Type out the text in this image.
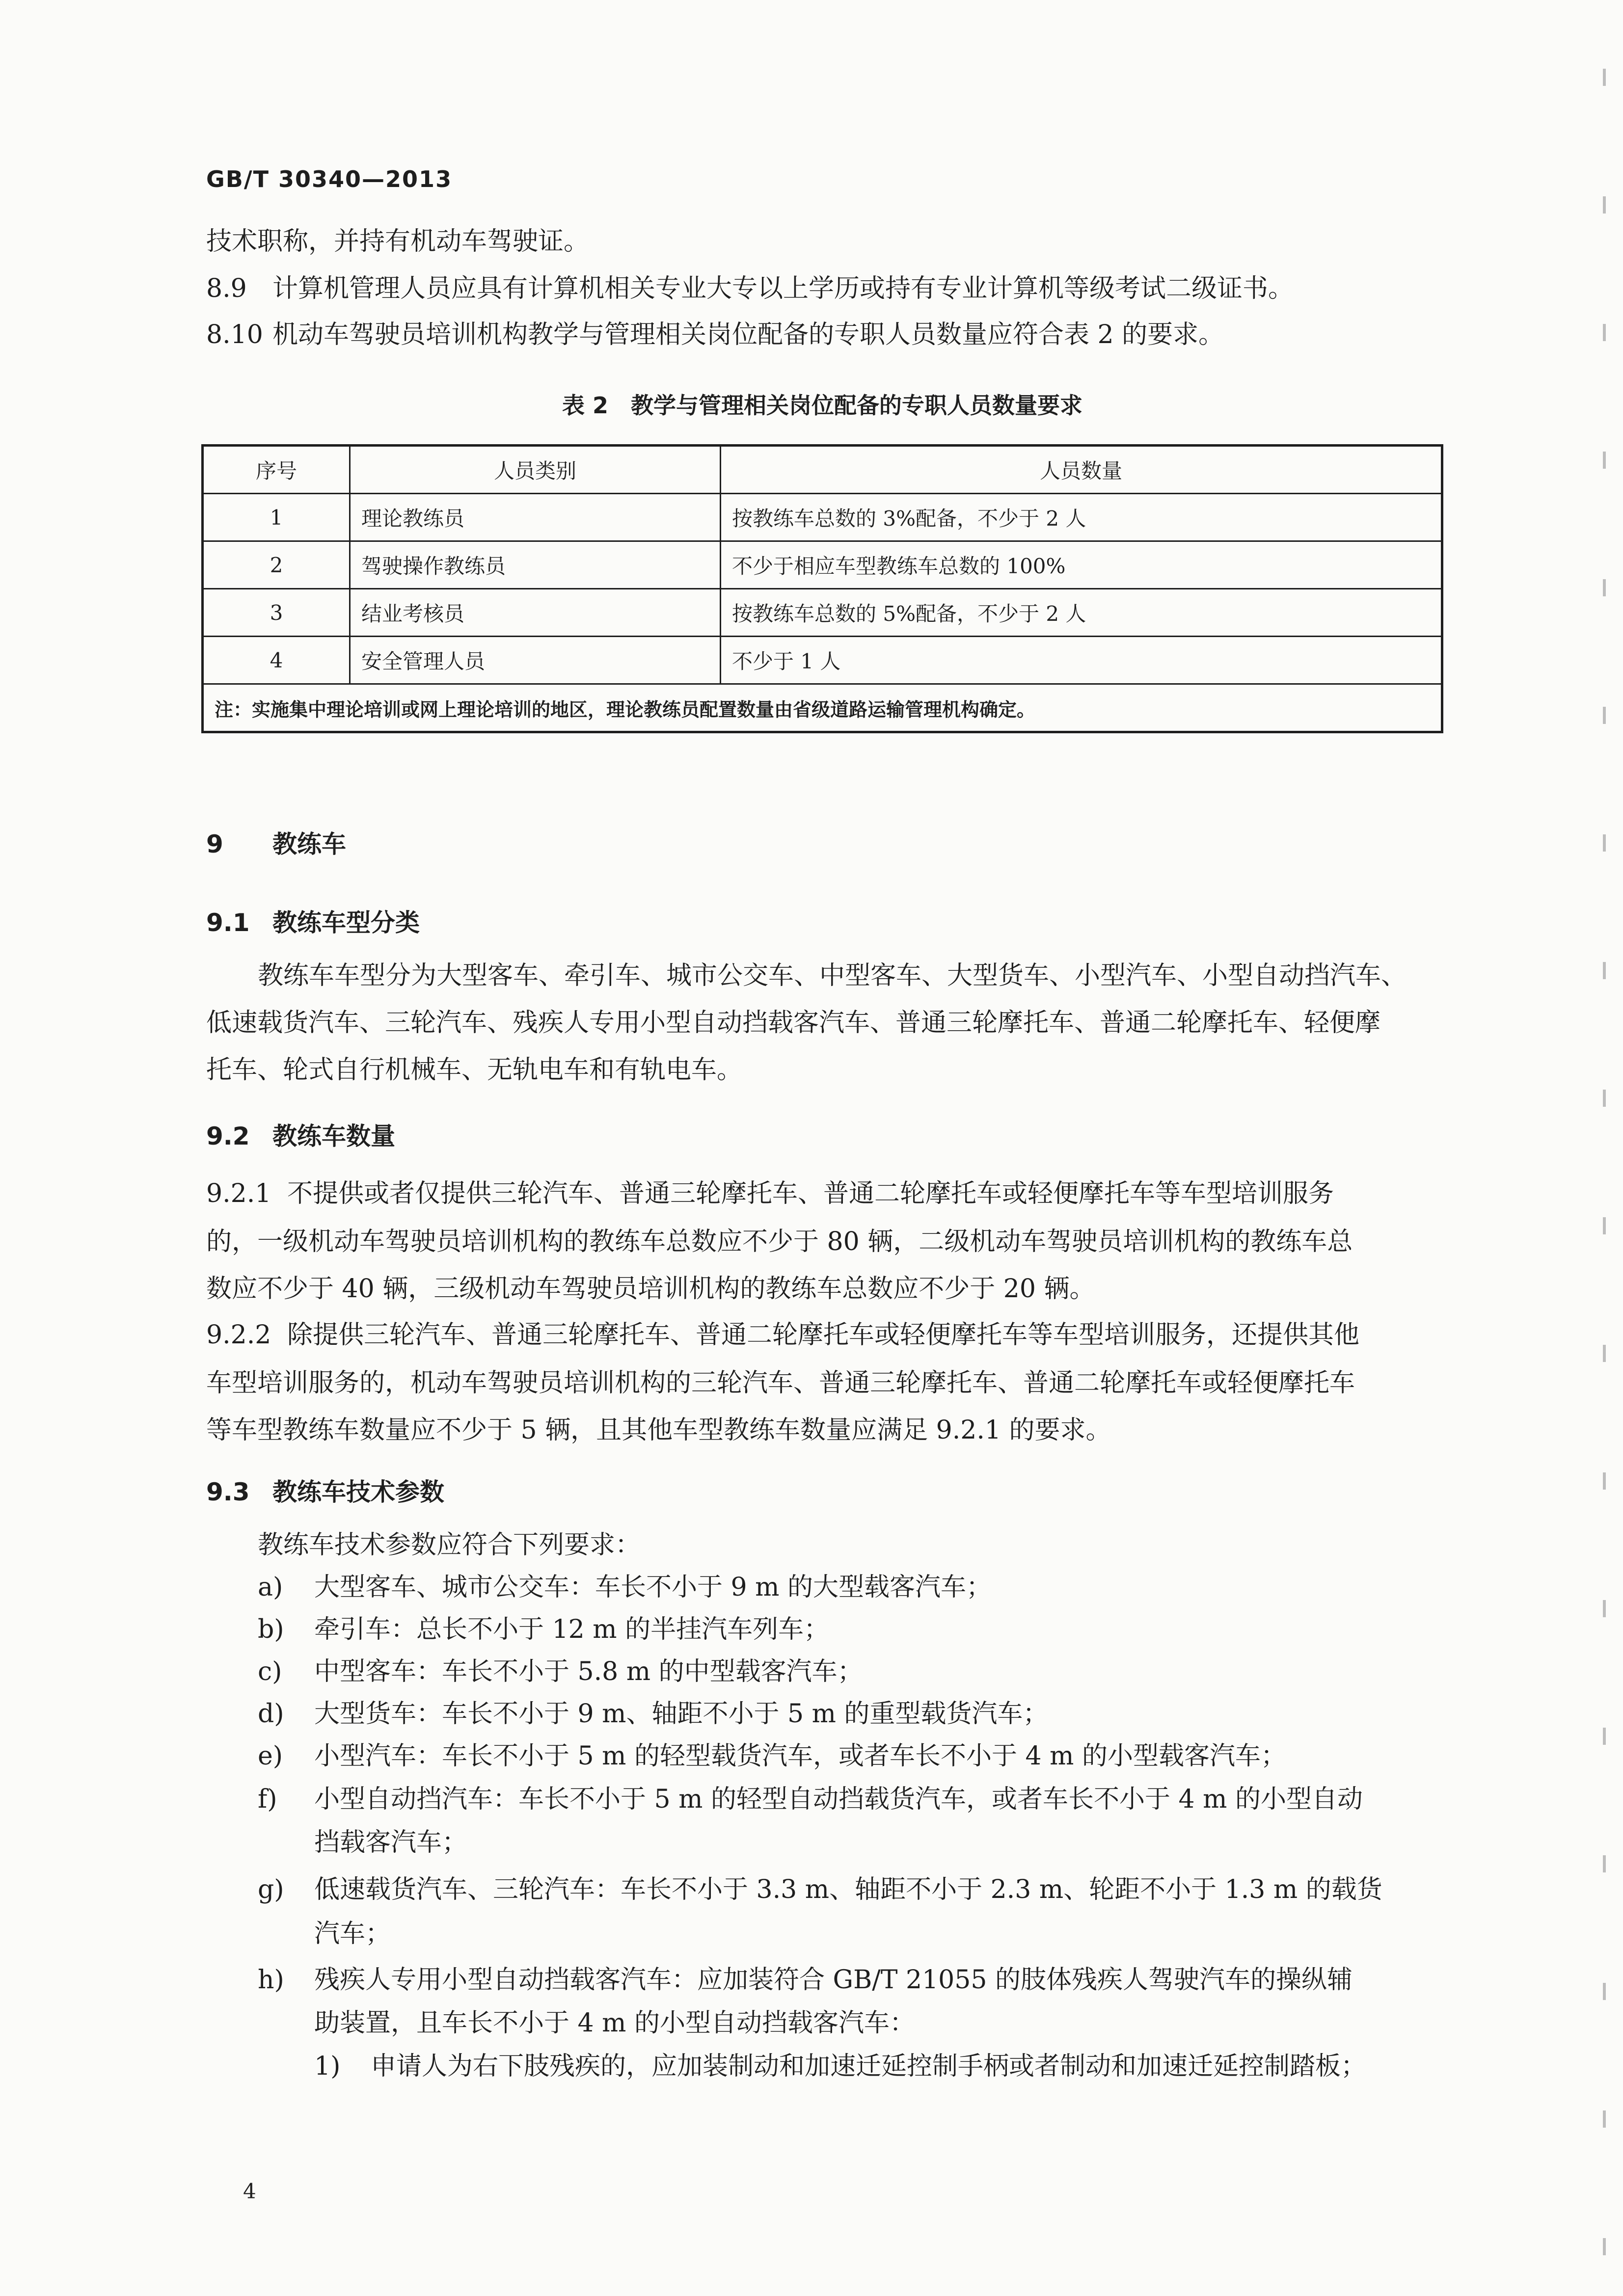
GB/T 30340—2013
技术职称，并持有机动车驾驶证。
8.9 计算机管理人员应具有计算机相关专业大专以上学历或持有专业计算机等级考试二级证书。
8.10 机动车驾驶员培训机构教学与管理相关岗位配备的专职人员数量应符合表 2 的要求。
表 2　教学与管理相关岗位配备的专职人员数量要求
序号	人员类别	人员数量
1	理论教练员	按教练车总数的 3%配备，不少于 2 人
2	驾驶操作教练员	不少于相应车型教练车总数的 100%
3	结业考核员	按教练车总数的 5%配备，不少于 2 人
4	安全管理人员	不少于 1 人
注：实施集中理论培训或网上理论培训的地区，理论教练员配置数量由省级道路运输管理机构确定。		
9 教练车
9.1 教练车型分类
教练车车型分为大型客车、牵引车、城市公交车、中型客车、大型货车、小型汽车、小型自动挡汽车、
低速载货汽车、三轮汽车、残疾人专用小型自动挡载客汽车、普通三轮摩托车、普通二轮摩托车、轻便摩
托车、轮式自行机械车、无轨电车和有轨电车。
9.2 教练车数量
9.2.1 不提供或者仅提供三轮汽车、普通三轮摩托车、普通二轮摩托车或轻便摩托车等车型培训服务
的，一级机动车驾驶员培训机构的教练车总数应不少于 80 辆，二级机动车驾驶员培训机构的教练车总
数应不少于 40 辆，三级机动车驾驶员培训机构的教练车总数应不少于 20 辆。
9.2.2 除提供三轮汽车、普通三轮摩托车、普通二轮摩托车或轻便摩托车等车型培训服务，还提供其他
车型培训服务的，机动车驾驶员培训机构的三轮汽车、普通三轮摩托车、普通二轮摩托车或轻便摩托车
等车型教练车数量应不少于 5 辆，且其他车型教练车数量应满足 9.2.1 的要求。
9.3 教练车技术参数
教练车技术参数应符合下列要求：
a) 大型客车、城市公交车：车长不小于 9 m 的大型载客汽车；
b) 牵引车：总长不小于 12 m 的半挂汽车列车；
c) 中型客车：车长不小于 5.8 m 的中型载客汽车；
d) 大型货车：车长不小于 9 m、轴距不小于 5 m 的重型载货汽车；
e) 小型汽车：车长不小于 5 m 的轻型载货汽车，或者车长不小于 4 m 的小型载客汽车；
f) 小型自动挡汽车：车长不小于 5 m 的轻型自动挡载货汽车，或者车长不小于 4 m 的小型自动
挡载客汽车；
g) 低速载货汽车、三轮汽车：车长不小于 3.3 m、轴距不小于 2.3 m、轮距不小于 1.3 m 的载货
汽车；
h) 残疾人专用小型自动挡载客汽车：应加装符合 GB/T 21055 的肢体残疾人驾驶汽车的操纵辅
助装置，且车长不小于 4 m 的小型自动挡载客汽车：
1) 申请人为右下肢残疾的，应加装制动和加速迁延控制手柄或者制动和加速迁延控制踏板；
4
